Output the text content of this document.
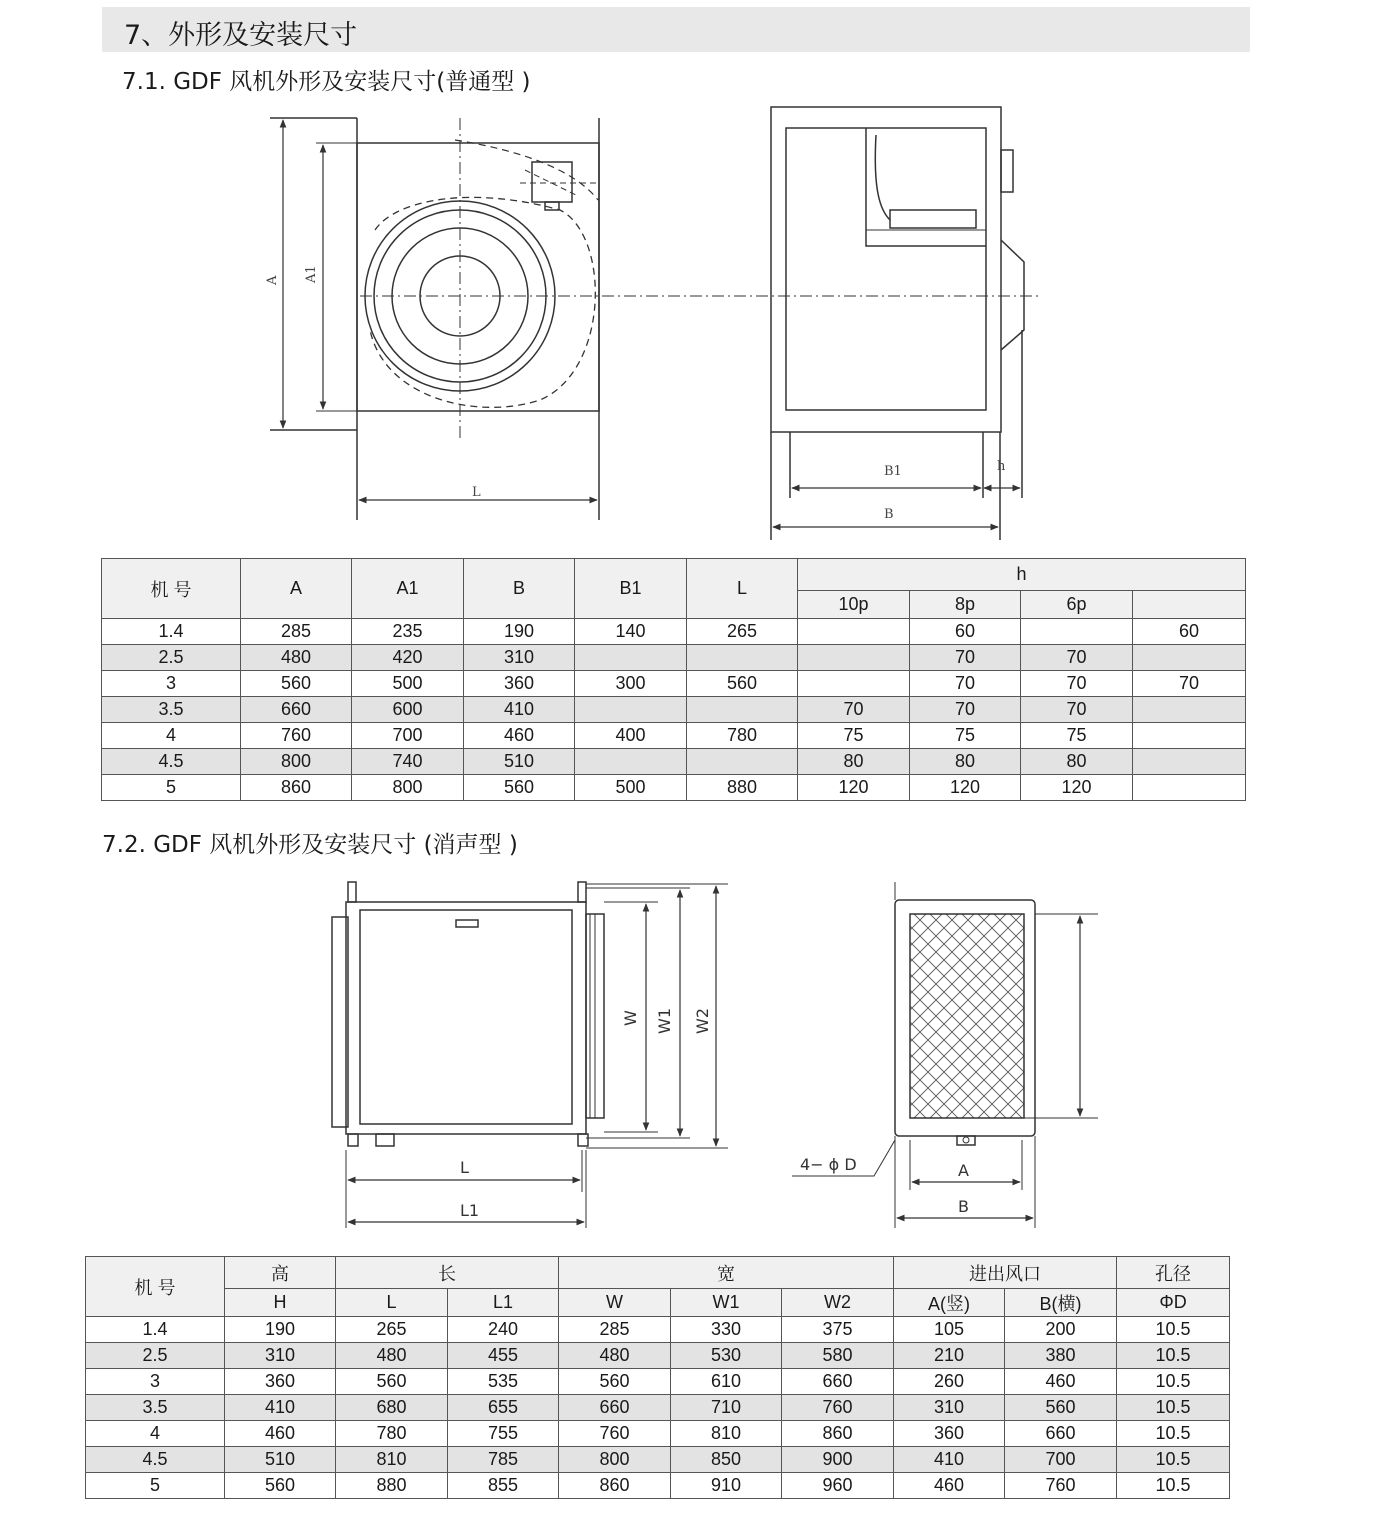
7、外形及安装尺寸
7.1. GDF 风机外形及安装尺寸(普通型 )
A A1
L
B1	h
B
机 号	A	A1	B	B1	L	h			
						10p	8p	6p	
1.4	285	235	190	140	265		60		60
2.5	480	420	310				70	70	
3	560	500	360	300	560		70	70	70
3.5	660	600	410			70	70	70	
4	760	700	460	400	780	75	75	75	
4.5	800	740	510			80	80	80	
5	860	800	560	500	880	120	120	120	
7.2. GDF 风机外形及安装尺寸 (消声型 )
W W1 W2
L
L1
4− ϕ D	A
B
机 号	高	长		宽			进出风口		孔径
	H	L	L1	W	W1	W2	A(竖)	B(横)	ΦD
1.4	190	265	240	285	330	375	105	200	10.5
2.5	310	480	455	480	530	580	210	380	10.5
3	360	560	535	560	610	660	260	460	10.5
3.5	410	680	655	660	710	760	310	560	10.5
4	460	780	755	760	810	860	360	660	10.5
4.5	510	810	785	800	850	900	410	700	10.5
5	560	880	855	860	910	960	460	760	10.5
